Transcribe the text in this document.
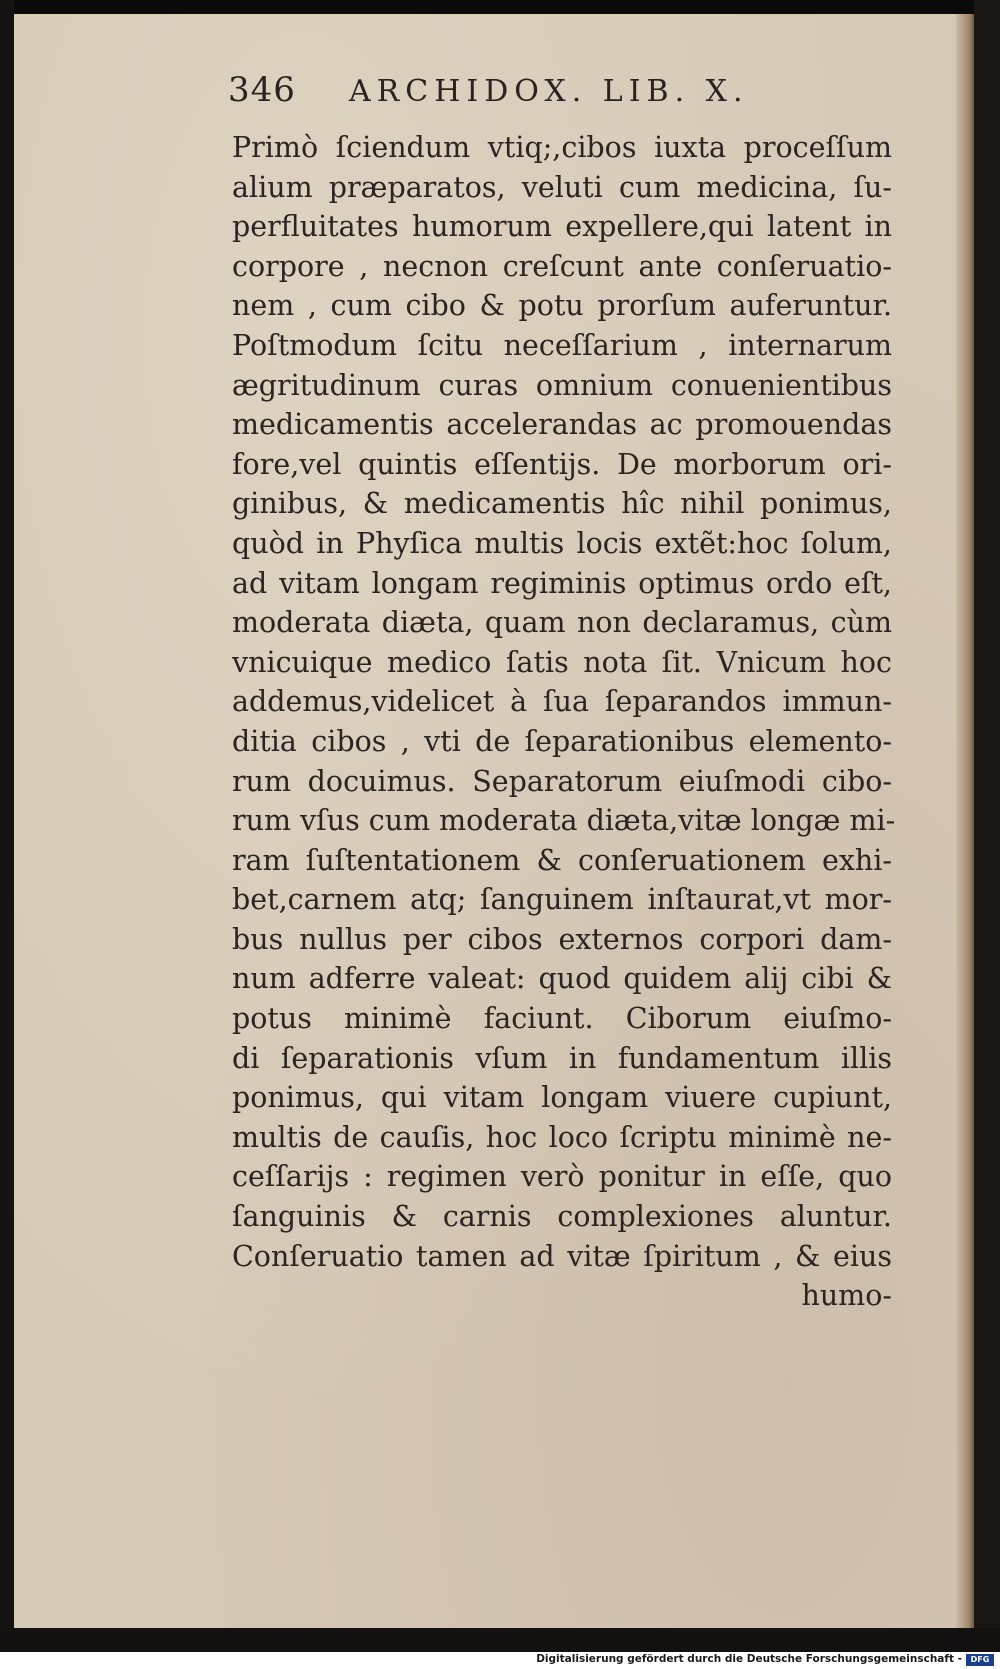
346 ARCHIDOX. LIB. X.
Primò ſciendum vtiq;,cibos iuxta proceſſum
alium præparatos, veluti cum medicina, ſu-
perfluitates humorum expellere,qui latent in
corpore , necnon creſcunt ante conſeruatio-
nem , cum cibo & potu prorſum auferuntur.
Poſtmodum ſcitu neceſſarium , internarum
ægritudinum curas omnium conuenientibus
medicamentis accelerandas ac promouendas
fore,vel quintis eſſentijs. De morborum ori-
ginibus, & medicamentis hîc nihil ponimus,
quòd in Phyſica multis locis extẽt:hoc ſolum,
ad vitam longam regiminis optimus ordo eſt,
moderata diæta, quam non declaramus, cùm
vnicuique medico ſatis nota ſit. Vnicum hoc
addemus,videlicet à ſua ſeparandos immun-
ditia cibos , vti de ſeparationibus elemento-
rum docuimus. Separatorum eiuſmodi cibo-
rum vſus cum moderata diæta,vitæ longæ mi-
ram ſuſtentationem & conſeruationem exhi-
bet,carnem atq; ſanguinem inſtaurat,vt mor-
bus nullus per cibos externos corpori dam-
num adferre valeat: quod quidem alij cibi &
potus minimè faciunt. Ciborum eiuſmo-
di ſeparationis vſum in fundamentum illis
ponimus, qui vitam longam viuere cupiunt,
multis de cauſis, hoc loco ſcriptu minimè ne-
ceſſarijs : regimen verò ponitur in eſſe, quo
ſanguinis & carnis complexiones aluntur.
Conſeruatio tamen ad vitæ ſpiritum , & eius
humo-
Digitalisierung gefördert durch die Deutsche Forschungsgemeinschaft -	DFG
